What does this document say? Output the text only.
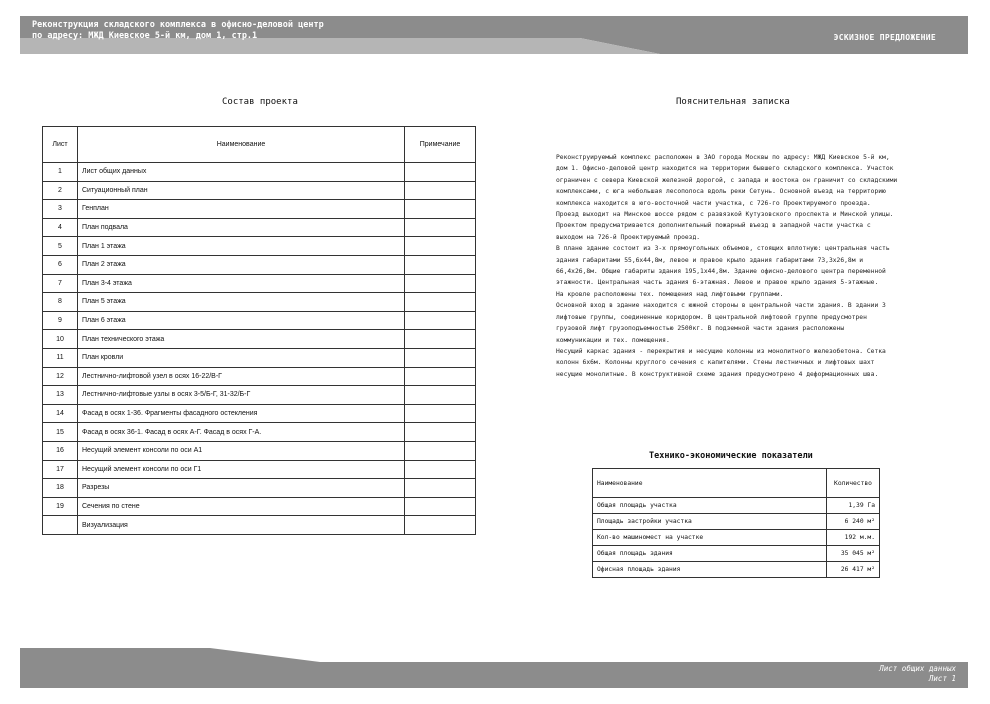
Реконструкция складского комплекса в офисно-деловой центр
по адресу: МЖД Киевское 5-й км, дом 1, стр.1	ЭСКИЗНОЕ ПРЕДЛОЖЕНИЕ
Состав проекта
Лист	Наименование	Примечание
1	Лист общих данных	
2	Ситуационный план	
3	Генплан	
4	План подвала	
5	План 1 этажа	
6	План 2 этажа	
7	План 3-4 этажа	
8	План 5 этажа	
9	План 6 этажа	
10	План технического этажа	
11	План кровли	
12	Лестнично-лифтовой узел в осях 16-22/В-Г	
13	Лестнично-лифтовые узлы в осях 3-5/Б-Г, 31-32/Б-Г	
14	Фасад в осях 1-36. Фрагменты фасадного остекления	
15	Фасад в осях 36-1. Фасад в осях А-Г. Фасад в осях Г-А.	
16	Несущий элемент консоли по оси А1	
17	Несущий элемент консоли по оси Г1	
18	Разрезы	
19	Сечения по стене	
	Визуализация	
Пояснительная записка
Реконструируемый комплекс расположен в ЗАО города Москвы по адресу: МЖД Киевское 5-й км,
дом 1. Офисно-деловой центр находится на территории бывшего складского комплекса. Участок
ограничен с севера Киевской железной дорогой, с запада и востока он граничит со складскими
комплексами, с юга небольшая лесополоса вдоль реки Сетунь. Основной въезд на территорию
комплекса находится в юго-восточной части участка, с 726-го Проектируемого проезда.
Проезд выходит на Минское шоссе рядом с развязкой Кутузовского проспекта и Минской улицы.
Проектом предусматривается дополнительный пожарный въезд в западной части участка с
выходом на 726-й Проектируемый проезд.
В плане здание состоит из 3-х прямоугольных объемов, стоящих вплотную: центральная часть
здания габаритами 55,6х44,8м, левое и правое крыло здания габаритами 73,3х26,8м и
66,4х26,8м. Общие габариты здания 195,1х44,8м. Здание офисно-делового центра переменной
этажности. Центральная часть здания 6-этажная. Левое и правое крыло здания 5-этажные.
На кровле расположены тех. помещения над лифтовыми группами.
Основной вход в здание находится с южной стороны в центральной части здания. В здании 3
лифтовые группы, соединенные коридором. В центральной лифтовой группе предусмотрен
грузовой лифт грузоподъемностью 2500кг. В подземной части здания расположены
коммуникации и тех. помещения.
Несущий каркас здания - перекрытия и несущие колонны из монолитного железобетона. Сетка
колонн 6х6м. Колонны круглого сечения с капителями. Стены лестничных и лифтовых шахт
несущие монолитные. В конструктивной схеме здания предусмотрено 4 деформационных шва.
Технико-экономические показатели
Наименование	Количество
Общая площадь участка	1,39 Га
Площадь застройки участка	6 240 м²
Кол-во машиномест на участке	192 м.м.
Общая площадь здания	35 045 м²
Офисная площадь здания	26 417 м²
Лист общих данных
Лист 1
